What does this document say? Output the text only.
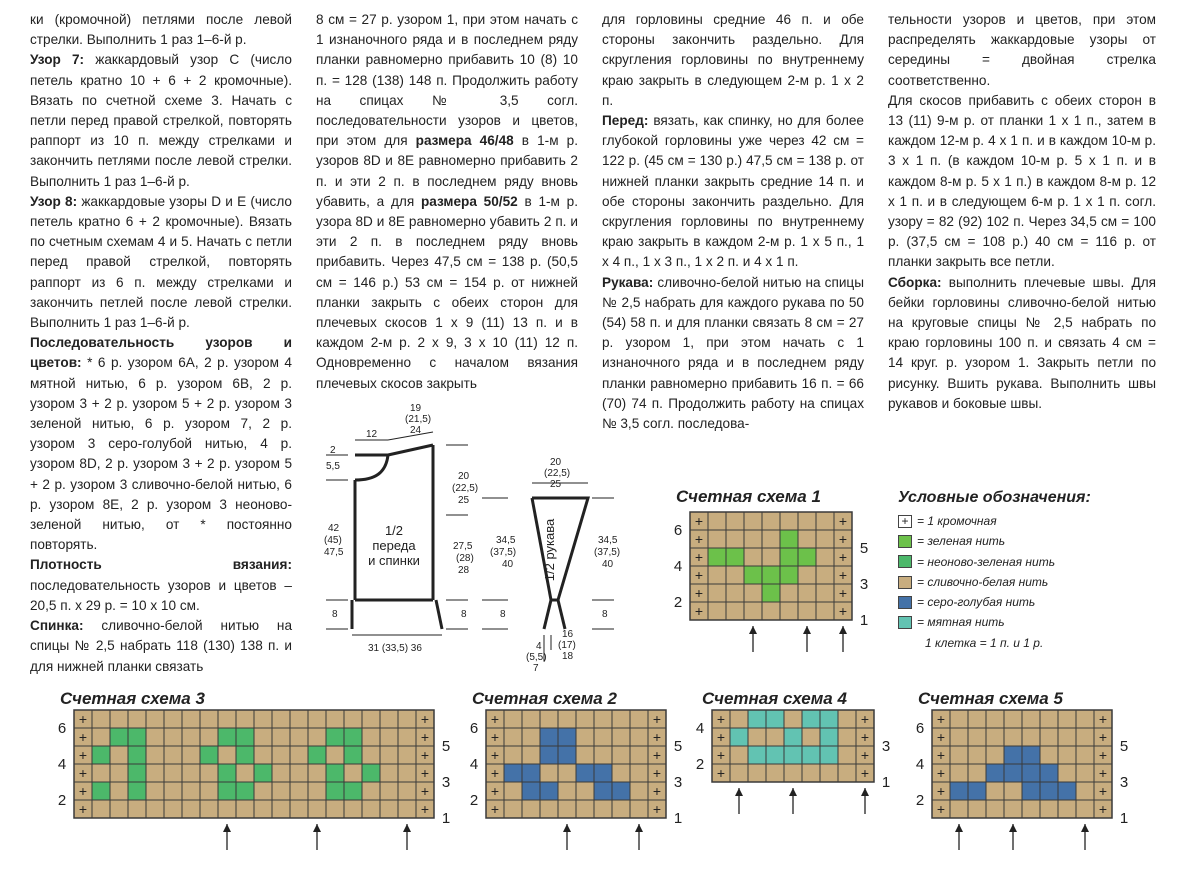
ки (кромочной) петлями после левой стрелки. Выполнить 1 раз 1–6-й р.

Узор 7: жаккардовый узор С (число петель кратно 10 + 6 + 2 кромочные). Вязать по счетной схеме 3. Начать с петли перед правой стрелкой, повторять раппорт из 10 п. между стрелками и закончить петлями после левой стрелки. Выполнить 1 раз 1–6-й р.

Узор 8: жаккардовые узоры D и E (число петель кратно 6 + 2 кромочные). Вязать по счетным схемам 4 и 5. Начать с петли перед правой стрелкой, повторять раппорт из 6 п. между стрелками и закончить петлей после левой стрелки. Выполнить 1 раз 1–6-й р.

Последовательность узоров и цветов: * 6 р. узором 6А, 2 р. узором 4 мятной нитью, 6 р. узором 6В, 2 р. узором 3 + 2 р. узором 5 + 2 р. узором 3 зеленой нитью, 6 р. узором 7, 2 р. узором 3 серо-голубой нитью, 4 р. узором 8D, 2 р. узором 3 + 2 р. узором 5 + 2 р. узором 3 сливочно-белой нитью, 6 р. узором 8Е, 2 р. узором 3 неоново-зеленой нитью, от * постоянно повторять.

Плотность вязания: последовательность узоров и цветов – 20,5 п. х 29 р. = 10 х 10 см.

Спинка: сливочно-белой нитью на спицы № 2,5 набрать 118 (130) 138 п. и для нижней планки связать

8 см = 27 р. узором 1, при этом начать с 1 изнаночного ряда и в последнем ряду планки равномерно прибавить 10 (8) 10 п. = 128 (138) 148 п. Продолжить работу на спицах № 3,5 согл. последовательности узоров и цветов, при этом для размера 46/48 в 1-м р. узоров 8D и 8Е равномерно прибавить 2 п. и эти 2 п. в последнем ряду вновь убавить, а для размера 50/52 в 1-м р. узора 8D и 8Е равномерно убавить 2 п. и эти 2 п. в последнем ряду вновь прибавить. Через 47,5 см = 138 р. (50,5 см = 146 р.) 53 см = 154 р. от нижней планки закрыть с обеих сторон для плечевых скосов 1 х 9 (11) 13 п. и в каждом 2-м р. 2 х 9, 3 х 10 (11) 12 п. Одновременно с началом вязания плечевых скосов закрыть

для горловины средние 46 п. и обе стороны закончить раздельно. Для скругления горловины по внутреннему краю закрыть в следующем 2-м р. 1 х 2 п.

Перед: вязать, как спинку, но для более глубокой горловины уже через 42 см = 122 р. (45 см = 130 р.) 47,5 см = 138 р. от нижней планки закрыть средние 14 п. и обе стороны закончить раздельно. Для скругления горловины по внутреннему краю закрыть в каждом 2-м р. 1 х 5 п., 1 х 4 п., 1 х 3 п., 1 х 2 п. и 4 х 1 п.

Рукава: сливочно-белой нитью на спицы № 2,5 набрать для каждого рукава по 50 (54) 58 п. и для планки связать 8 см = 27 р. узором 1, при этом начать с 1 изнаночного ряда и в последнем ряду планки равномерно прибавить 16 п. = 66 (70) 74 п. Продолжить работу на спицах № 3,5 согл. последова-

тельности узоров и цветов, при этом распределять жаккардовые узоры от середины = двойная стрелка соответственно.

Для скосов прибавить с обеих сторон в 13 (11) 9-м р. от планки 1 х 1 п., затем в каждом 12-м р. 4 х 1 п. и в каждом 10-м р. 3 х 1 п. (в каждом 10-м р. 5 х 1 п. и в каждом 8-м р. 5 х 1 п.) в каждом 8-м р. 12 х 1 п. и в следующем 6-м р. 1 х 1 п. согл. узору = 82 (92) 102 п. Через 34,5 см = 100 р. (37,5 см = 108 р.) 40 см = 116 р. от планки закрыть все петли.

Сборка: выполнить плечевые швы. Для бейки горловины сливочно-белой нитью на круговые спицы № 2,5 набрать по краю горловины 100 п. и связать 4 см = 14 круг. р. узором 1. Закрыть петли по рисунку. Вшить рукава. Выполнить швы рукавов и боковые швы.

12
19
(21,5)
24
2
5,5
42
(45)
47,5
20
(22,5)
25
27,5
(28)
28
8	8
31 (33,5) 36
20
(22,5)
25
34,5
(37,5)
40
34,5
(37,5)
40
8	8
4
(5,5)
7
16
(17)
18
1/2 переда и спинки	1/2 рукава
Счетная схема 1
+	+
+	+
+	+
+	+
+	+
+	+
6
4
2
5
3
1
Счетная схема 3
+	+
+	+
+	+
+	+
+	+
+	+
6
4
2
5
3
1
Счетная схема 2
+	+
+	+
+	+
+	+
+	+
+	+
6
4
2
5
3
1
Счетная схема 4
+	+
+	+
+	+
+	+
4
2
3
1
Счетная схема 5
+	+
+	+
+	+
+	+
+	+
+	+
6
4
2
5
3
1
Условные обозначения:
+ = 1 кромочная
= зеленая нить
= неоново-зеленая нить
= сливочно-белая нить
= серо-голубая нить
= мятная нить
1 клетка = 1 п. и 1 р.
